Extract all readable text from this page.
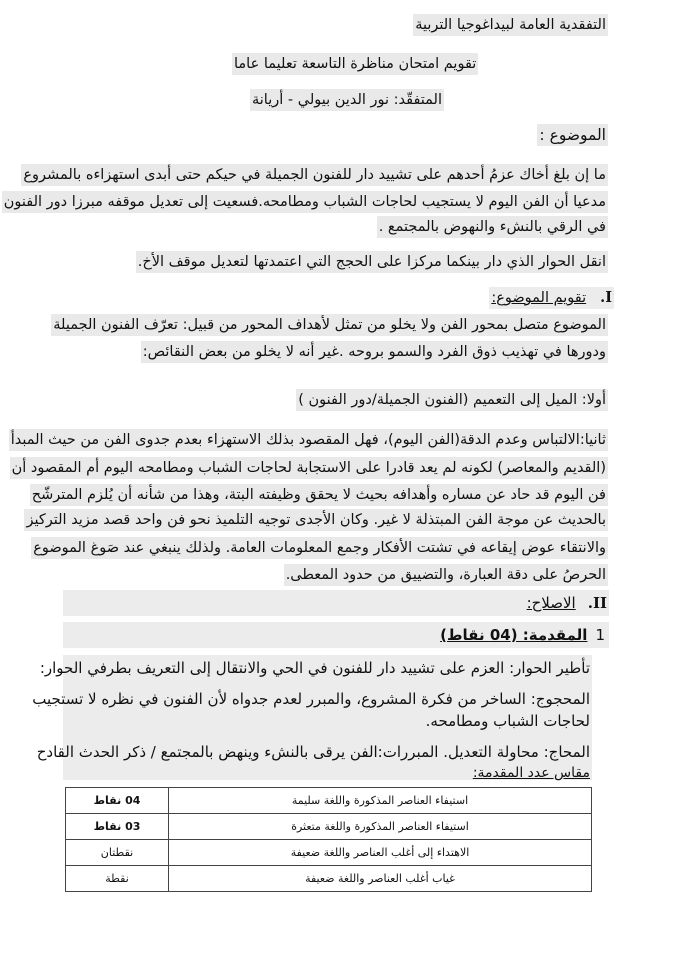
التفقدية العامة لبيداغوجيا التربية
تقويم امتحان مناظرة التاسعة تعليما عاما
المتفقّد: نور الدين بيولي - أريانة
الموضوع :
ما إن بلغ أخاك عزمُ أحدهم على تشييد دار للفنون الجميلة في حيكم حتى أبدى استهزاءه بالمشروع
مدعيا أن الفن اليوم لا يستجيب لحاجات الشباب ومطامحه.فسعيت إلى تعديل موقفه مبرزا دور الفنون
في الرقي بالنشء والنهوض بالمجتمع .
انقل الحوار الذي دار بينكما مركزا على الحجج التي اعتمدتها لتعديل موقف الأخ.
I.تقويم الموضوع:
الموضوع متصل بمحور الفن ولا يخلو من تمثل لأهداف المحور من قبيل: تعرّف الفنون الجميلة
ودورها في تهذيب ذوق الفرد والسمو بروحه .غير أنه لا يخلو من بعض النقائص:
أولا: الميل إلى التعميم (الفنون الجميلة/دور الفنون )
ثانيا:الالتباس وعدم الدقة(الفن اليوم)، فهل المقصود بذلك الاستهزاء بعدم جدوى الفن من حيث المبدأ
(القديم والمعاصر) لكونه لم يعد قادرا على الاستجابة لحاجات الشباب ومطامحه اليوم أم المقصود أن
فن اليوم قد حاد عن مساره وأهدافه بحيث لا يحقق وظيفته البتة، وهذا من شأنه أن يُلزم المترشّح
بالحديث عن موجة الفن المبتذلة لا غير. وكان الأجدى توجيه التلميذ نحو فن واحد قصد مزيد التركيز
والانتقاء عوض إيقاعه في تشتت الأفكار وجمع المعلومات العامة. ولذلك ينبغي عند صَوغ الموضوع
الحرصُ على دقة العبارة، والتضييق من حدود المعطى.
II.الاصلاح:
1المقدمة: (04 نقاط)
تأطير الحوار: العزم على تشييد دار للفنون في الحي والانتقال إلى التعريف بطرفي الحوار:
المحجوج: الساخر من فكرة المشروع، والمبرر لعدم جدواه لأن الفنون في نظره لا تستجيب
لحاجات الشباب ومطامحه.
المحاج: محاولة التعديل. المبررات:الفن يرقى بالنشء وينهض بالمجتمع / ذكر الحدث القادح
مقاس عدد المقدمة:
استيفاء العناصر المذكورة واللغة سليمة	04 نقاط
استيفاء العناصر المذكورة واللغة متعثرة	03 نقاط
الاهتداء إلى أغلب العناصر واللغة ضعيفة	نقطتان
غياب أغلب العناصر واللغة ضعيفة	نقطة
